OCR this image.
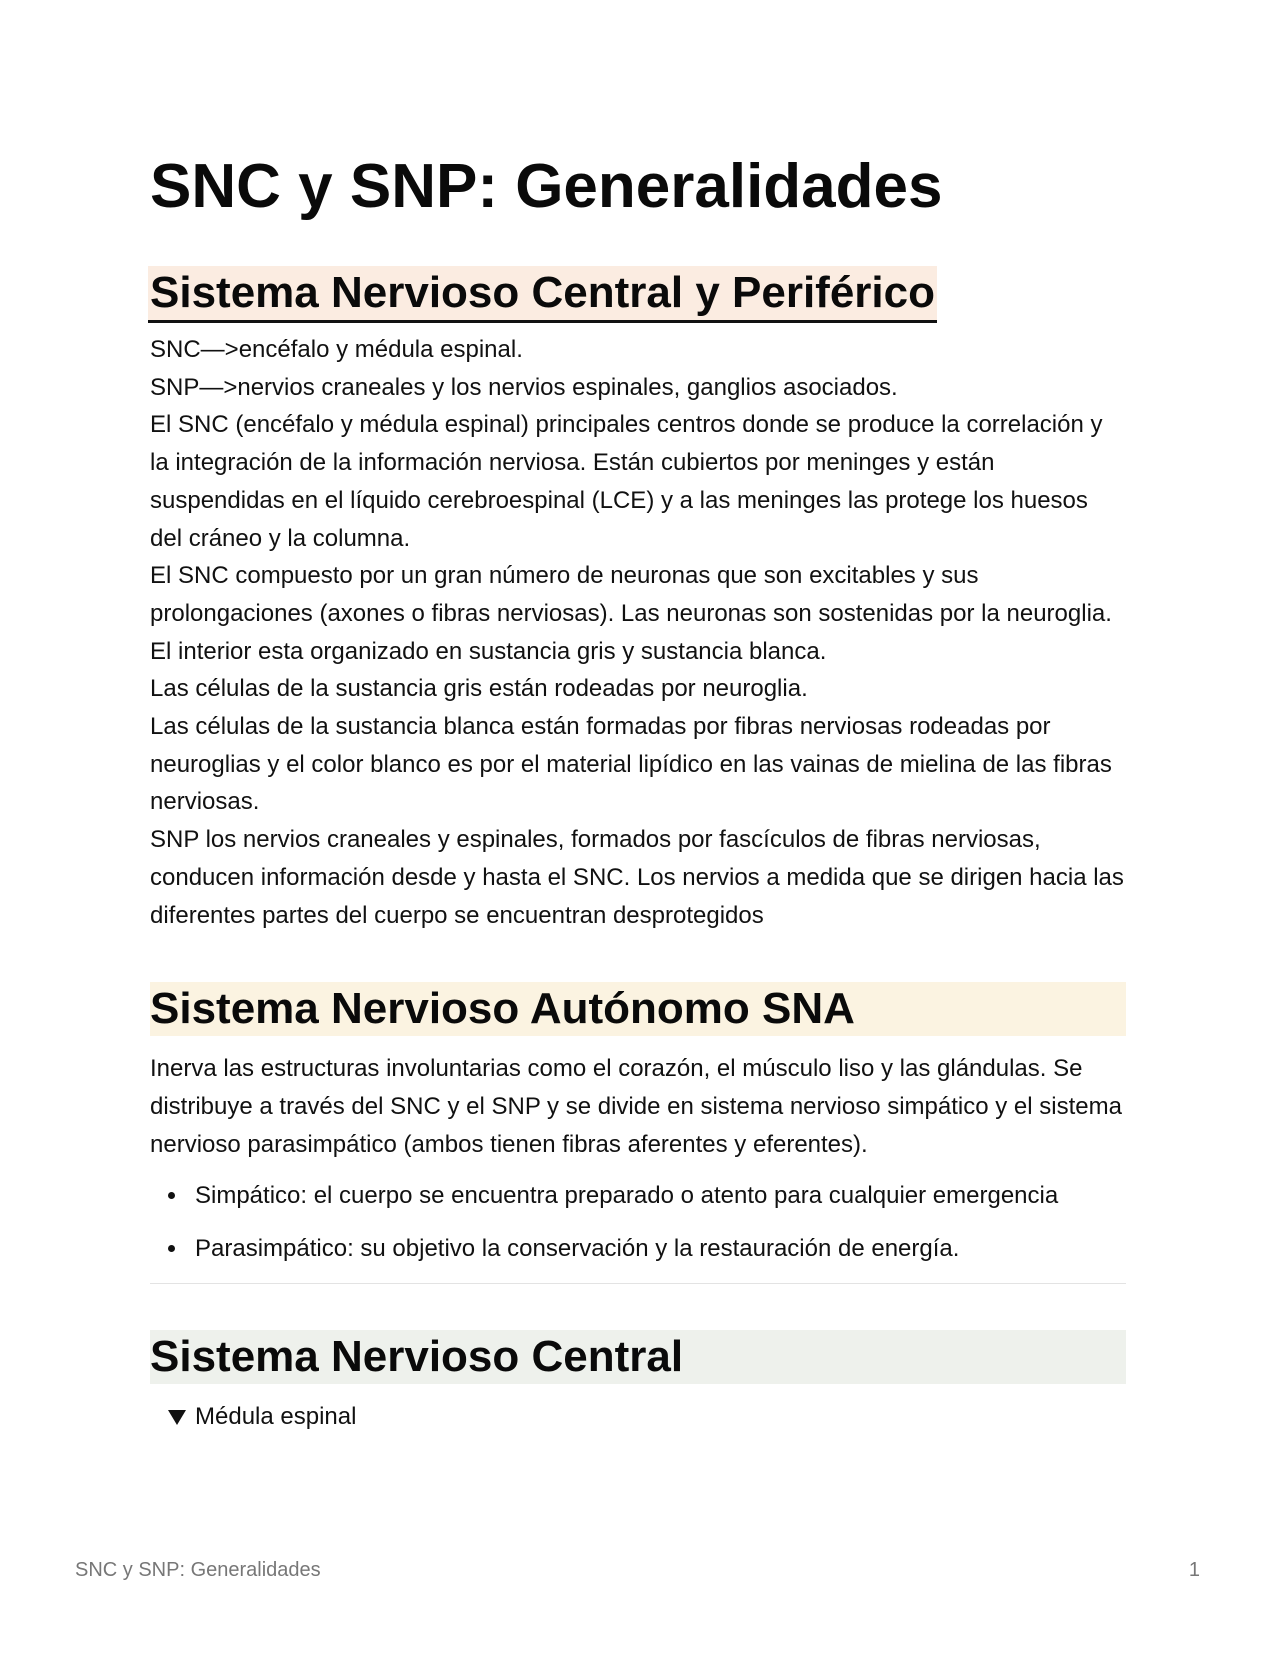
SNC y SNP: Generalidades
Sistema Nervioso Central y Periférico

SNC—>encéfalo y médula espinal.

SNP—>nervios craneales y los nervios espinales, ganglios asociados.

El SNC (encéfalo y médula espinal) principales centros donde se produce la correlación y la integración de la información nerviosa. Están cubiertos por meninges y están suspendidas en el líquido cerebroespinal (LCE) y a las meninges las protege los huesos del cráneo y la columna.

El SNC compuesto por un gran número de neuronas que son excitables y sus prolongaciones (axones o fibras nerviosas). Las neuronas son sostenidas por la neuroglia.

El interior esta organizado en sustancia gris y sustancia blanca.

Las células de la sustancia gris están rodeadas por neuroglia.

Las células de la sustancia blanca están formadas por fibras nerviosas rodeadas por neuroglias y el color blanco es por el material lipídico en las vainas de mielina de las fibras nerviosas.

SNP los nervios craneales y espinales, formados por fascículos de fibras nerviosas, conducen información desde y hasta el SNC. Los nervios a medida que se dirigen hacia las diferentes partes del cuerpo se encuentran desprotegidos

Sistema Nervioso Autónomo SNA

Inerva las estructuras involuntarias como el corazón, el músculo liso y las glándulas. Se distribuye a través del SNC y el SNP y se divide en sistema nervioso simpático y el sistema nervioso parasimpático (ambos tienen fibras aferentes y eferentes).

Simpático: el cuerpo se encuentra preparado o atento para cualquier emergencia
Parasimpático: su objetivo la conservación y la restauración de energía.
Sistema Nervioso Central
Médula espinal
SNC y SNP: Generalidades	1
